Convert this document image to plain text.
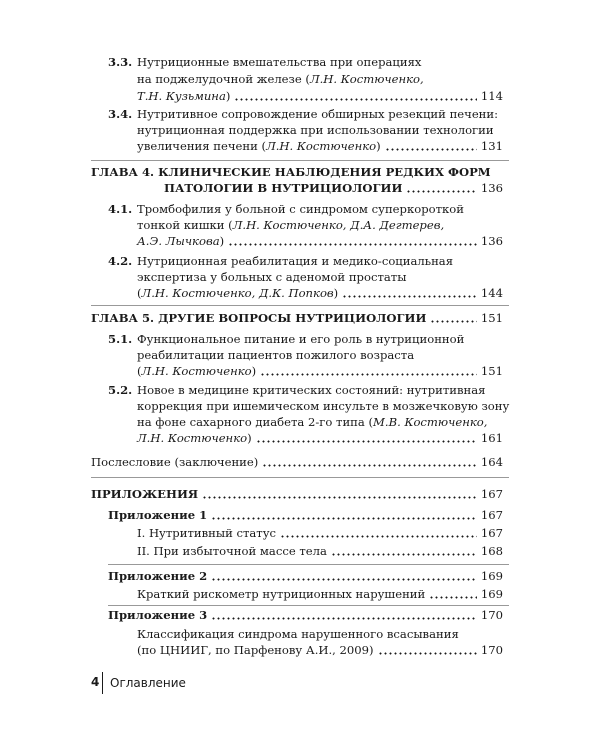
3.3. Нутриционные вмешательства при операциях
на поджелудочной железе (Л.Н. Костюченко,
Т.Н. Кузьмина)	114
3.4. Нутритивное сопровождение обширных резекций печени:
нутриционная поддержка при использовании технологии
увеличения печени (Л.Н. Костюченко)	131
ГЛАВА 4. КЛИНИЧЕСКИЕ НАБЛЮДЕНИЯ РЕДКИХ ФОРМ
ПАТОЛОГИИ В НУТРИЦИОЛОГИИ	136
4.1. Тромбофилия у больной с синдромом суперкороткой
тонкой кишки (Л.Н. Костюченко, Д.А. Дегтерев,
А.Э. Лычкова)	136
4.2. Нутриционная реабилитация и медико-социальная
экспертиза у больных с аденомой простаты
(Л.Н. Костюченко, Д.К. Попков)	144
ГЛАВА 5. ДРУГИЕ ВОПРОСЫ НУТРИЦИОЛОГИИ	151
5.1. Функциональное питание и его роль в нутриционной
реабилитации пациентов пожилого возраста
(Л.Н. Костюченко)	151
5.2. Новое в медицине критических состояний: нутритивная
коррекция при ишемическом инсульте в мозжечковую зону
на фоне сахарного диабета 2-го типа (М.В. Костюченко,
Л.Н. Костюченко)	161
Послесловие (заключение)	164
ПРИЛОЖЕНИЯ	167
Приложение 1	167
I. Нутритивный статус	167
II. При избыточной массе тела	168
Приложение 2	169
Краткий рискометр нутриционных нарушений	169
Приложение 3	170
Классификация синдрома нарушенного всасывания
(по ЦНИИГ, по Парфенову А.И., 2009)	170
4 Оглавление
